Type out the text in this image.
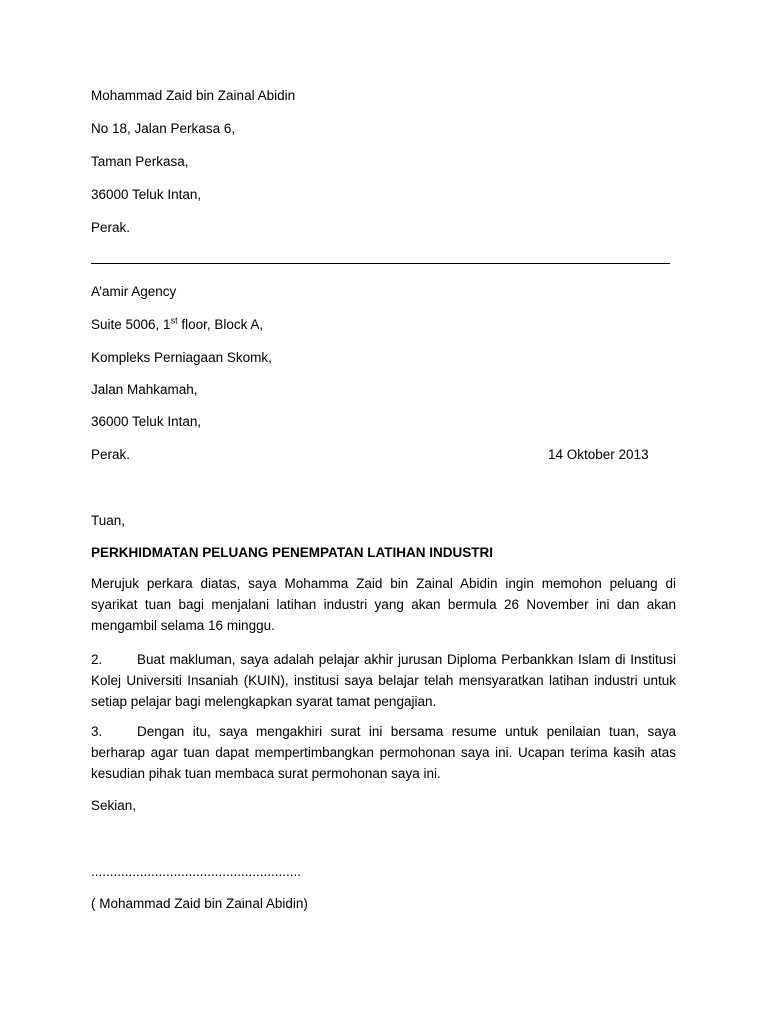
Mohammad Zaid bin Zainal Abidin
No 18, Jalan Perkasa 6,
Taman Perkasa,
36000 Teluk Intan,
Perak.
A’amir Agency
Suite 5006, 1st floor, Block A,
Kompleks Perniagaan Skomk,
Jalan Mahkamah,
36000 Teluk Intan,
Perak.	14 Oktober 2013
Tuan,
PERKHIDMATAN PELUANG PENEMPATAN LATIHAN INDUSTRI
Merujuk perkara diatas, saya Mohamma Zaid bin Zainal Abidin ingin memohon peluang di syarikat tuan bagi menjalani latihan industri yang akan bermula 26 November ini dan akan mengambil selama 16 minggu.
2.	Buat makluman, saya adalah pelajar akhir jurusan Diploma Perbankkan Islam di Institusi Kolej Universiti Insaniah (KUIN), institusi saya belajar telah mensyaratkan latihan industri untuk setiap pelajar bagi melengkapkan syarat tamat pengajian.
3.	Dengan itu, saya mengakhiri surat ini bersama resume untuk penilaian tuan, saya berharap agar tuan dapat mempertimbangkan permohonan saya ini. Ucapan terima kasih atas kesudian pihak tuan membaca surat permohonan saya ini.
Sekian,
........................................................
( Mohammad Zaid bin Zainal Abidin)
